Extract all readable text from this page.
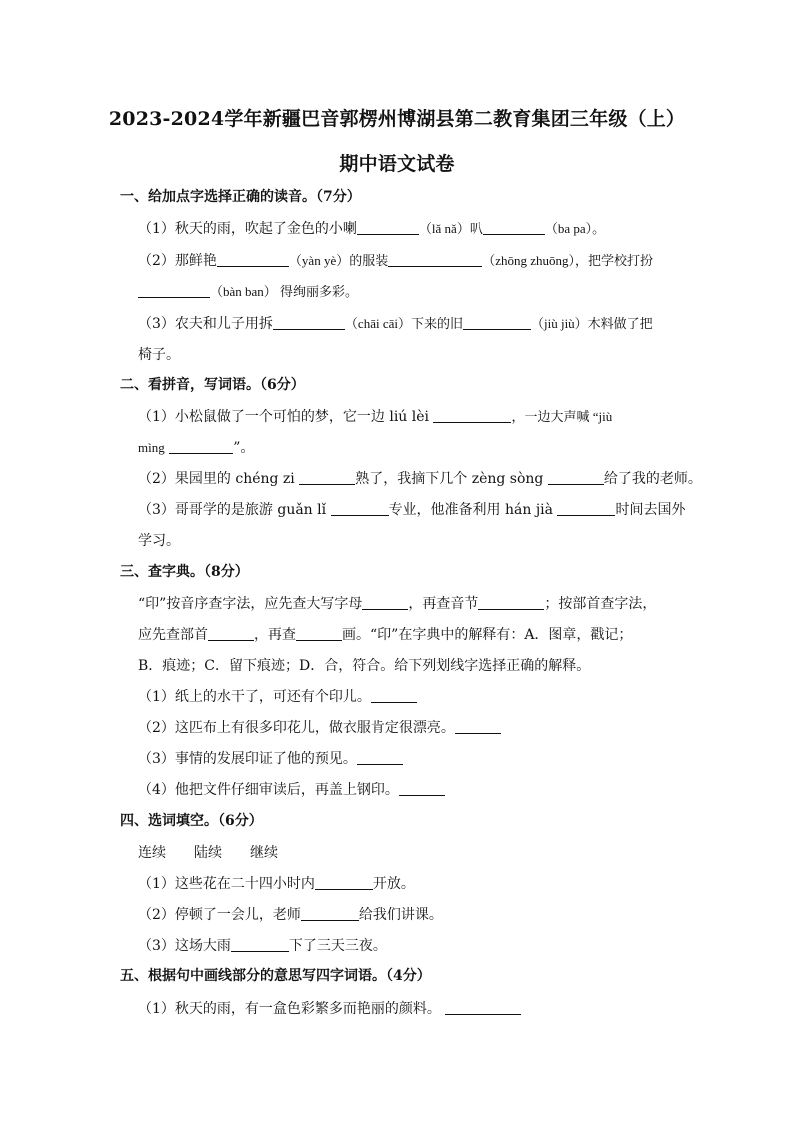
2023-2024学年新疆巴音郭楞州博湖县第二教育集团三年级（上）
期中语文试卷
一、给加点字选择正确的读音。（7分）
（1）秋天的雨，吹起了金色的小喇	（lǎ nǎ）叭	（ba pa）。
（2）那鲜艳	（yàn yè）的服装	（zhōng zhuōng），把学校打扮
（bàn ban） 得绚丽多彩。
（3）农夫和儿子用拆	（chāi cāi）下来的旧	（jiù jiù）木料做了把
椅子。
二、看拼音，写词语。（6分）
（1）小松鼠做了一个可怕的梦，它一边 liú lèi	，一边大声喊 “jiù
mìng	”。
（2）果园里的 chéng zi	熟了，我摘下几个 zèng sòng	给了我的老师。
（3）哥哥学的是旅游 guǎn lǐ	专业，他准备利用 hán jià	时间去国外
学习。
三、查字典。（8分）
“印”按音序查字法，应先查大写字母	，再查音节	；按部首查字法，
应先查部首	，再查	画。“印”在字典中的解释有：A．图章，戳记；
B．痕迹；C．留下痕迹；D．合，符合。给下列划线字选择正确的解释。
（1）纸上的水干了，可还有个印儿。
（2）这匹布上有很多印花儿，做衣服肯定很漂亮。
（3）事情的发展印证了他的预见。
（4）他把文件仔细审读后，再盖上钢印。
四、选词填空。（6分）
连续 陆续 继续
（1）这些花在二十四小时内	开放。
（2）停顿了一会儿，老师	给我们讲课。
（3）这场大雨	下了三天三夜。
五、根据句中画线部分的意思写四字词语。（4分）
（1）秋天的雨，有一盒色彩繁多而艳丽的颜料。
